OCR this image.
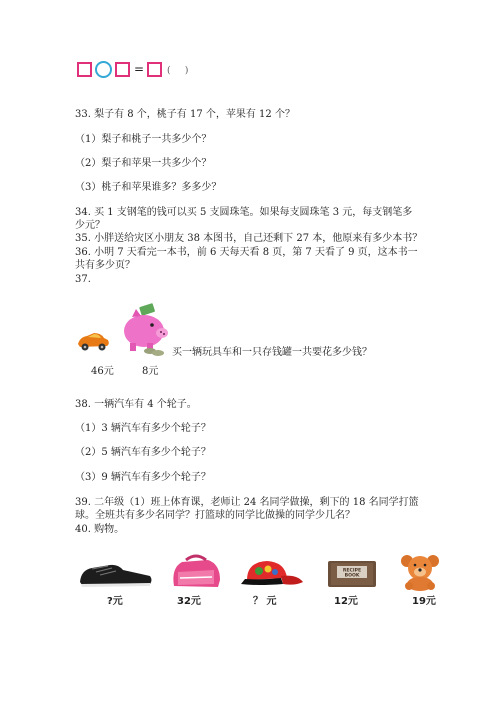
=	(     )
33. 梨子有 8 个，桃子有 17 个，苹果有 12 个？
（1）梨子和桃子一共多少个？
（2）梨子和苹果一共多少个？
（3）桃子和苹果谁多？多多少？
34. 买 1 支钢笔的钱可以买 5 支圆珠笔。如果每支圆珠笔 3 元，每支钢笔多少元？
35. 小胖送给灾区小朋友 38 本图书，自己还剩下 27 本，他原来有多少本书？
36. 小明 7 天看完一本书，前 6 天每天看 8 页，第 7 天看了 9 页，这本书一共有多少页？
37.
46元	8元
买一辆玩具车和一只存钱罐一共要花多少钱？
38. 一辆汽车有 4 个轮子。
（1）3 辆汽车有多少个轮子？
（2）5 辆汽车有多少个轮子？
（3）9 辆汽车有多少个轮子？
39. 二年级（1）班上体育课，老师让 24 名同学做操，剩下的 18 名同学打篮球。全班共有多少名同学？打篮球的同学比做操的同学少几名？
40. 购物。
?元	32元	？ 元
RECIPE
BOOK
12元	19元
